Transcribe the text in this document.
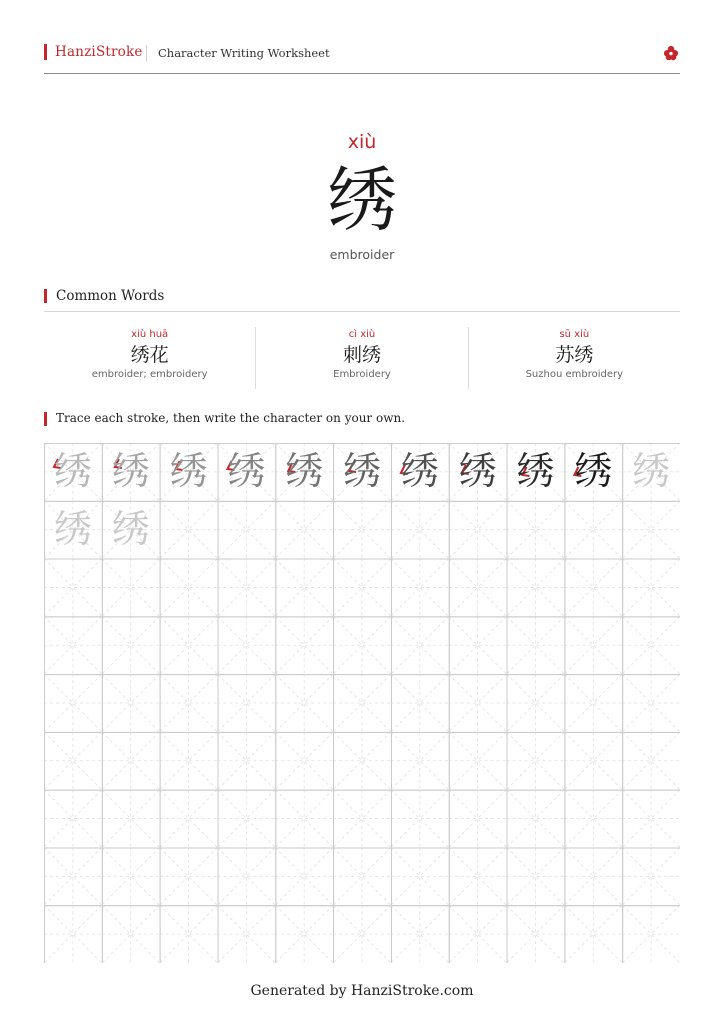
HanziStroke Character Writing Worksheet
xiù
绣
embroider
Common Words
xiù huā
绣花
embroider; embroidery
cì xiù
刺绣
Embroidery
sū xiù
苏绣
Suzhou embroidery
Trace each stroke, then write the character on your own.
绣 绣 绣 绣 绣 绣 绣 绣 绣 绣 绣
绣 绣
Generated by HanziStroke.com
